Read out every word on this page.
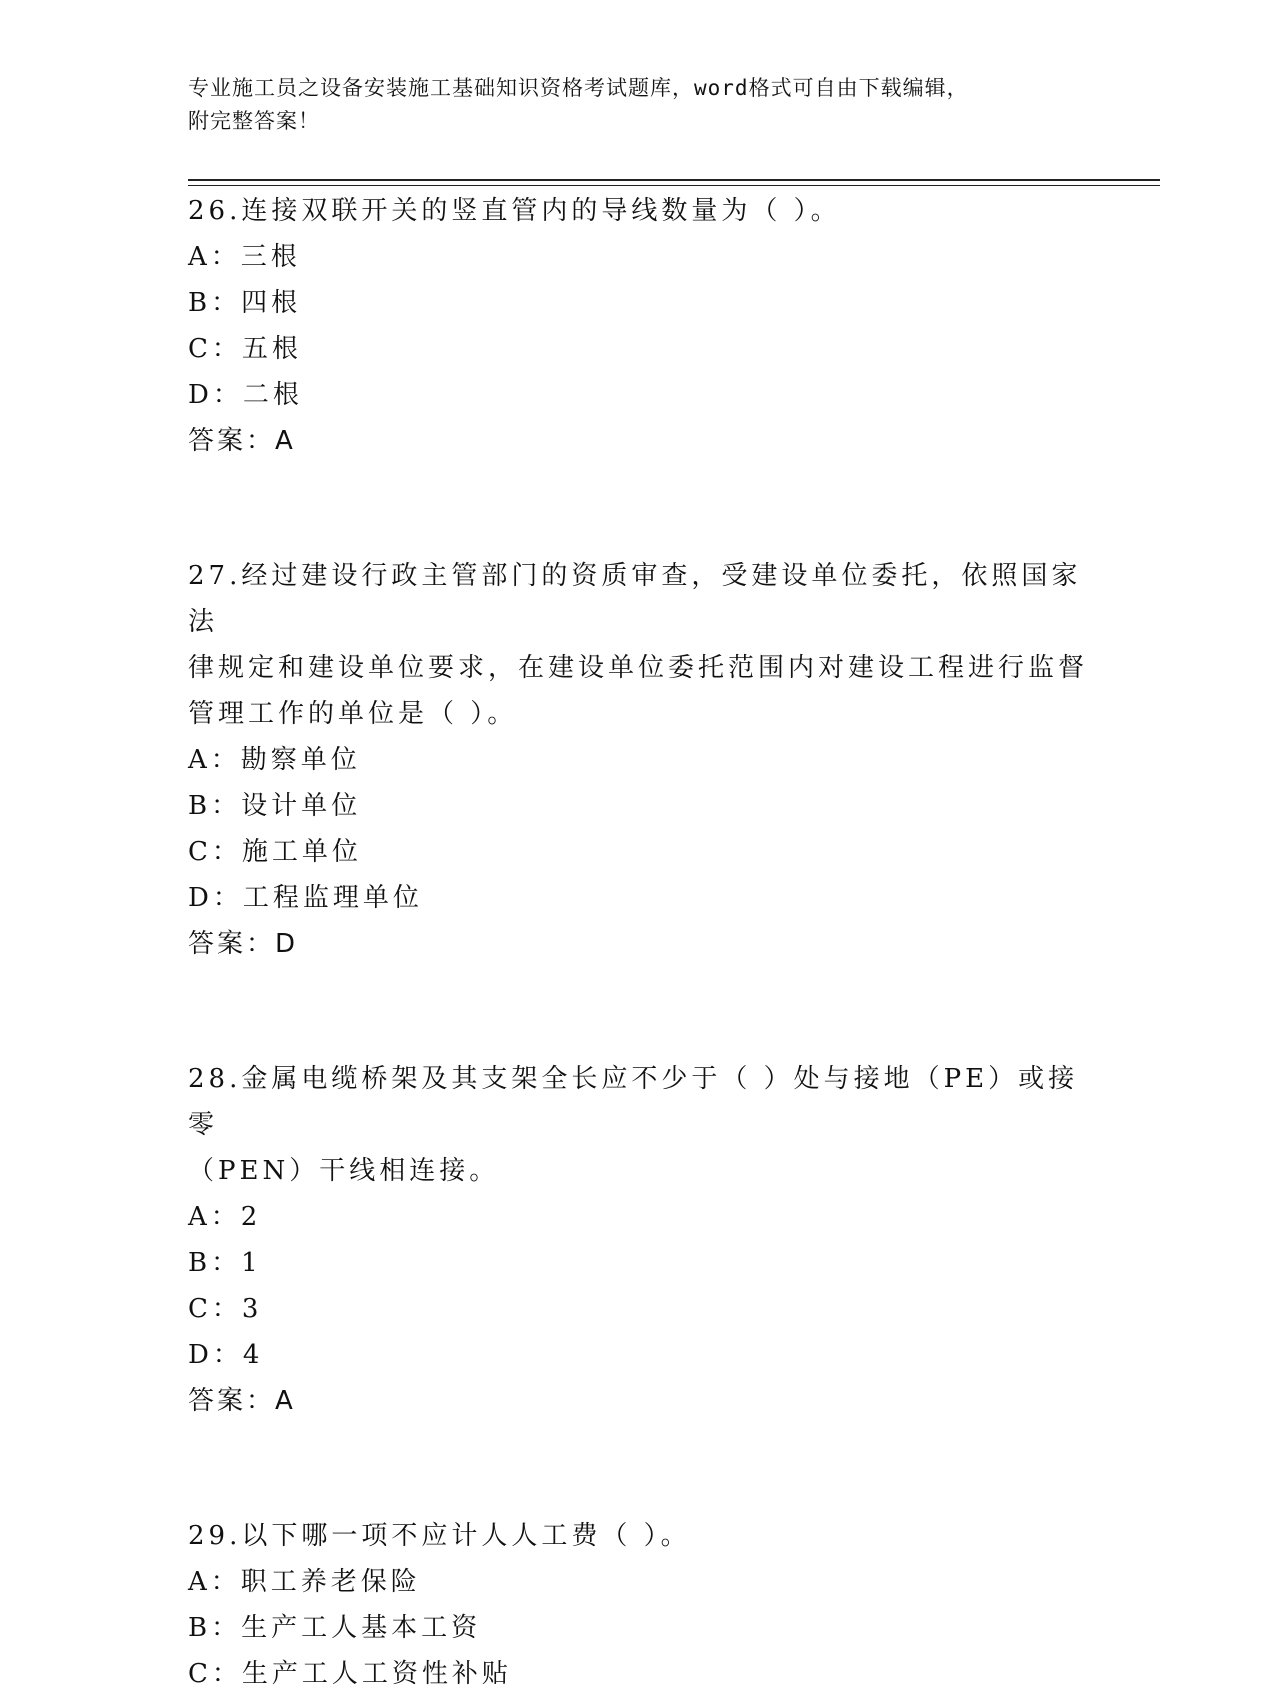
专业施工员之设备安装施工基础知识资格考试题库，word格式可自由下载编辑，
附完整答案！
26.连接双联开关的竖直管内的导线数量为（ ）。
A：三根
B：四根
C：五根
D：二根
答案：A
27.经过建设行政主管部门的资质审查，受建设单位委托，依照国家法
律规定和建设单位要求，在建设单位委托范围内对建设工程进行监督
管理工作的单位是（ ）。
A：勘察单位
B：设计单位
C：施工单位
D：工程监理单位
答案：D
28.金属电缆桥架及其支架全长应不少于（ ）处与接地（PE）或接零
（PEN）干线相连接。
A：2
B：1
C：3
D：4
答案：A
29.以下哪一项不应计人人工费（ ）。
A：职工养老保险
B：生产工人基本工资
C：生产工人工资性补贴
